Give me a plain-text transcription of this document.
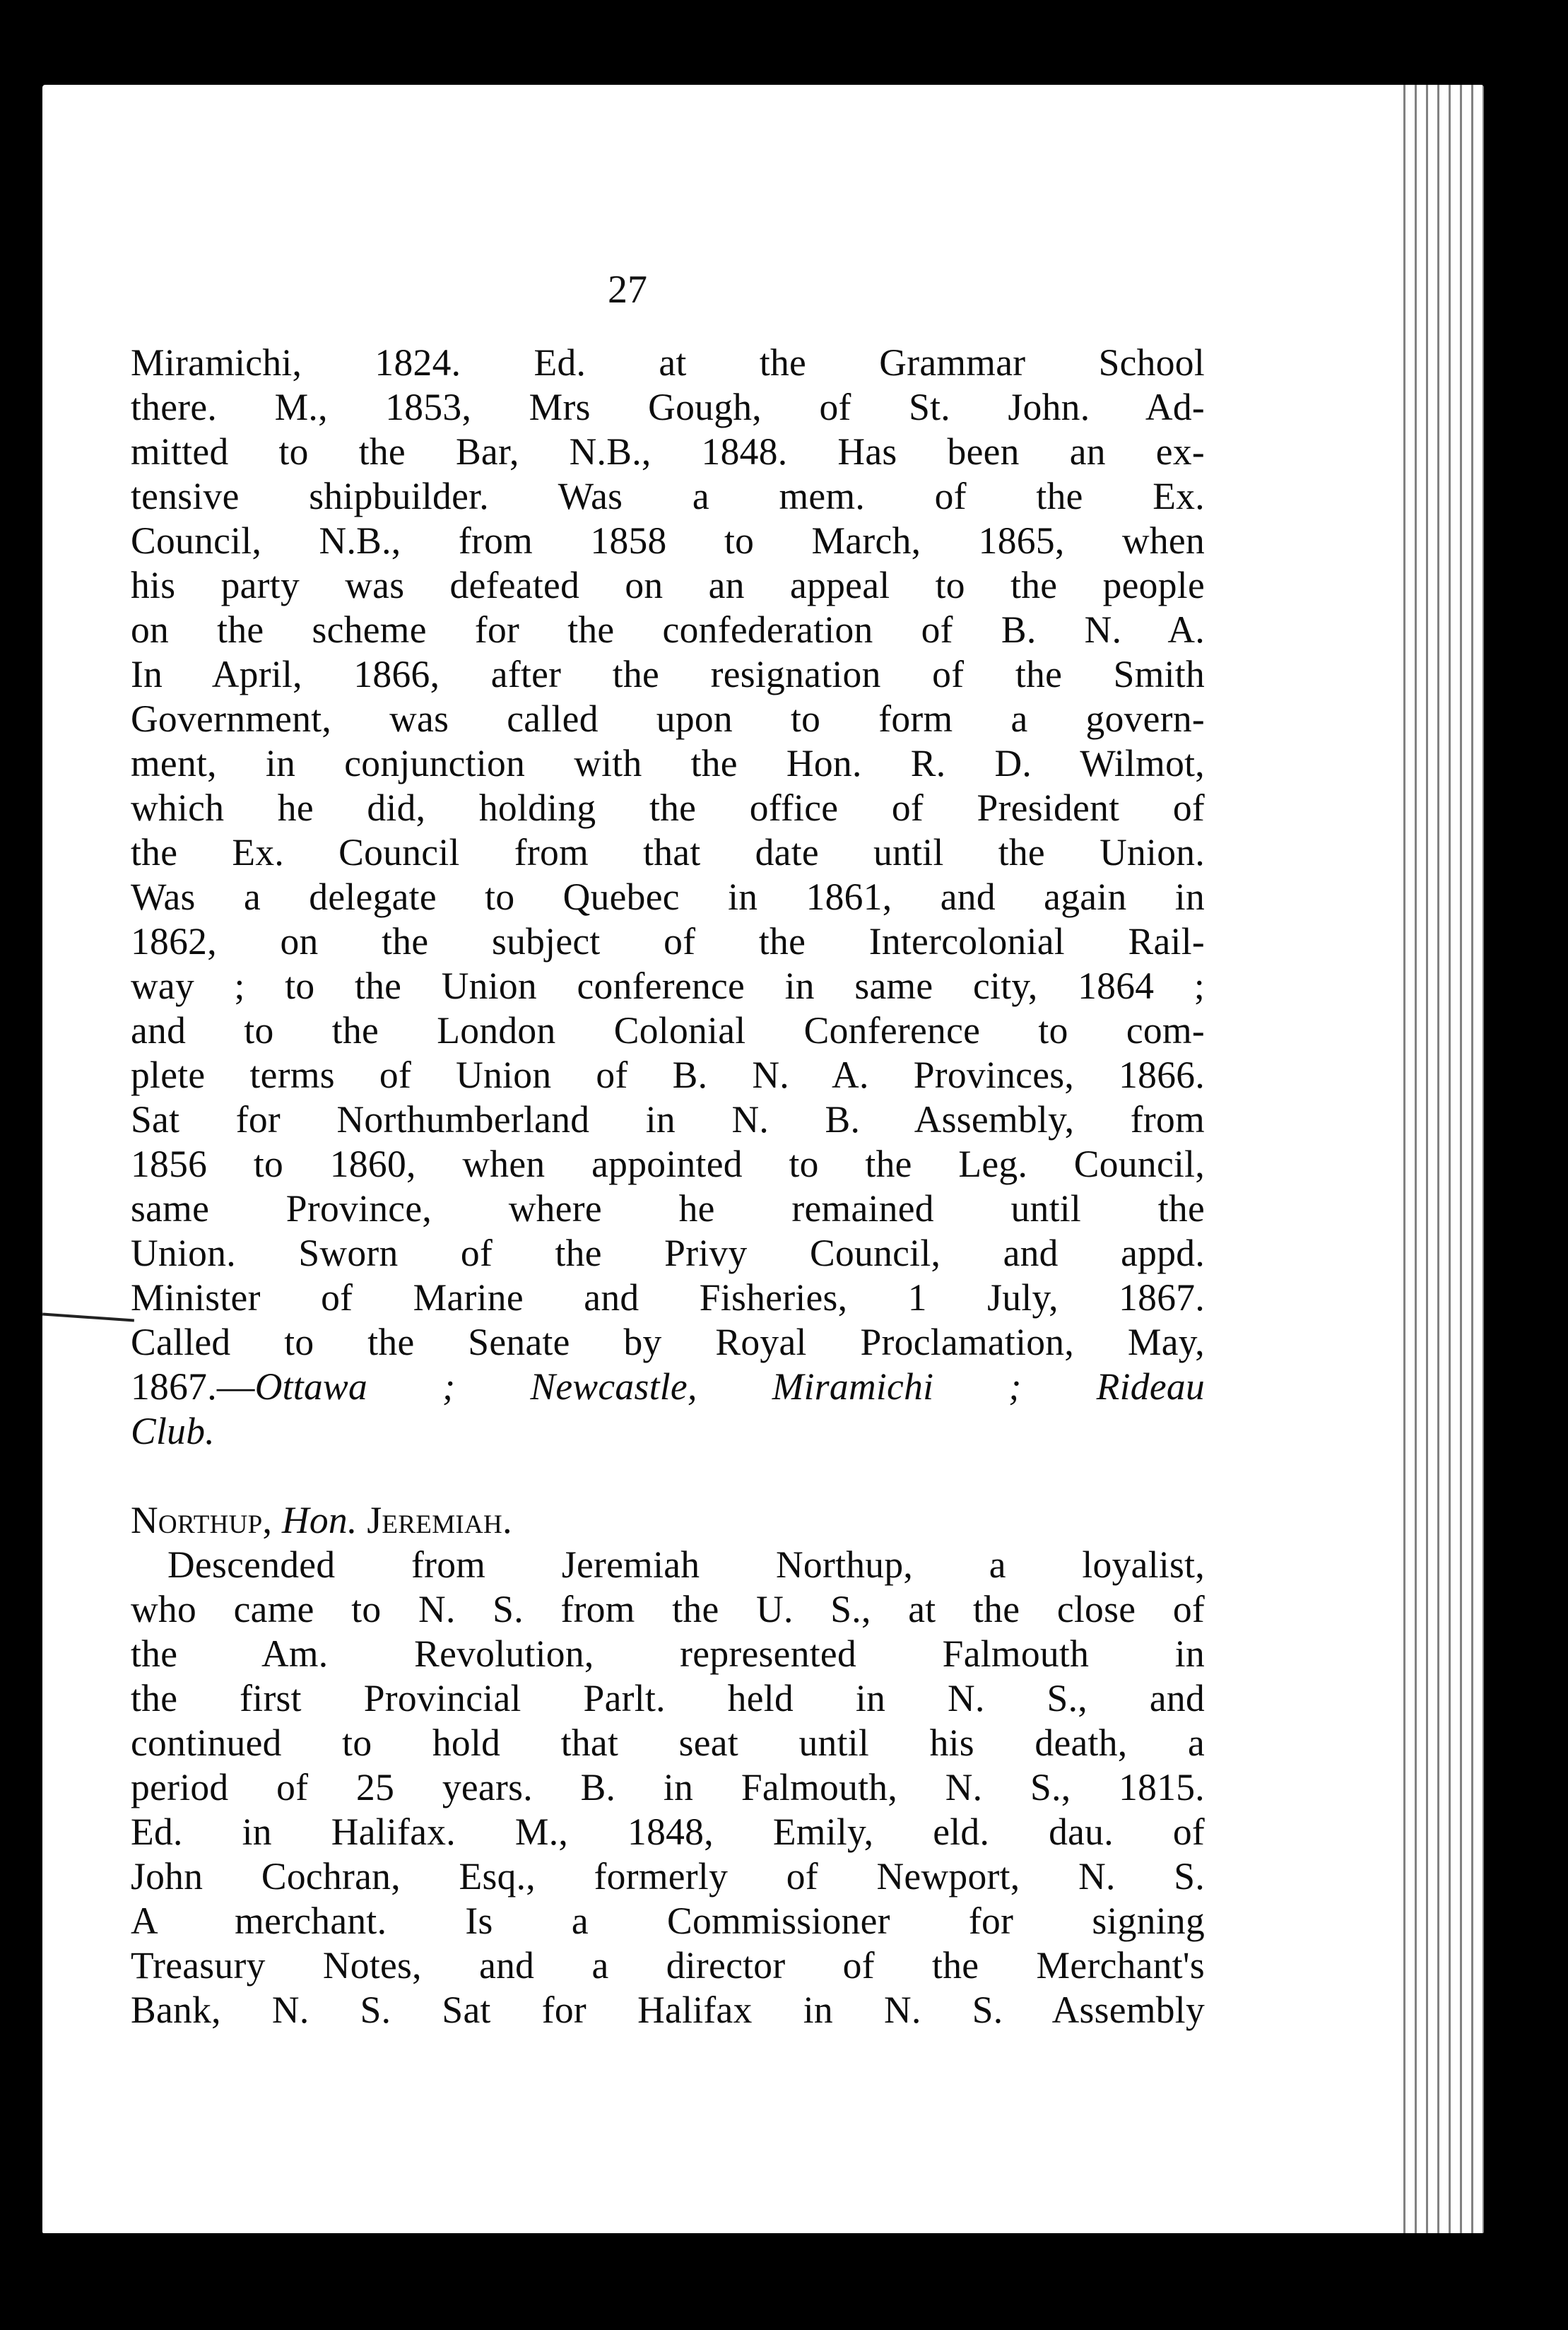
27
Miramichi, 1824. Ed. at the Grammar School
there. M., 1853, Mrs Gough, of St. John. Ad-
mitted to the Bar, N.B., 1848. Has been an ex-
tensive shipbuilder. Was a mem. of the Ex.
Council, N.B., from 1858 to March, 1865, when
his party was defeated on an appeal to the people
on the scheme for the confederation of B. N. A.
In April, 1866, after the resignation of the Smith
Government, was called upon to form a govern-
ment, in conjunction with the Hon. R. D. Wilmot,
which he did, holding the office of President of
the Ex. Council from that date until the Union.
Was a delegate to Quebec in 1861, and again in
1862, on the subject of the Intercolonial Rail-
way ; to the Union conference in same city, 1864 ;
and to the London Colonial Conference to com-
plete terms of Union of B. N. A. Provinces, 1866.
Sat for Northumberland in N. B. Assembly, from
1856 to 1860, when appointed to the Leg. Council,
same Province, where he remained until the
Union. Sworn of the Privy Council, and appd.
Minister of Marine and Fisheries, 1 July, 1867.
Called to the Senate by Royal Proclamation, May,
1867.—Ottawa ; Newcastle, Miramichi ; Rideau
Club.
Northup, Hon. Jeremiah.
Descended from Jeremiah Northup, a loyalist,
who came to N. S. from the U. S., at the close of
the Am. Revolution, represented Falmouth in
the first Provincial Parlt. held in N. S., and
continued to hold that seat until his death, a
period of 25 years. B. in Falmouth, N. S., 1815.
Ed. in Halifax. M., 1848, Emily, eld. dau. of
John Cochran, Esq., formerly of Newport, N. S.
A merchant. Is a Commissioner for signing
Treasury Notes, and a director of the Merchant's
Bank, N. S. Sat for Halifax in N. S. Assembly
